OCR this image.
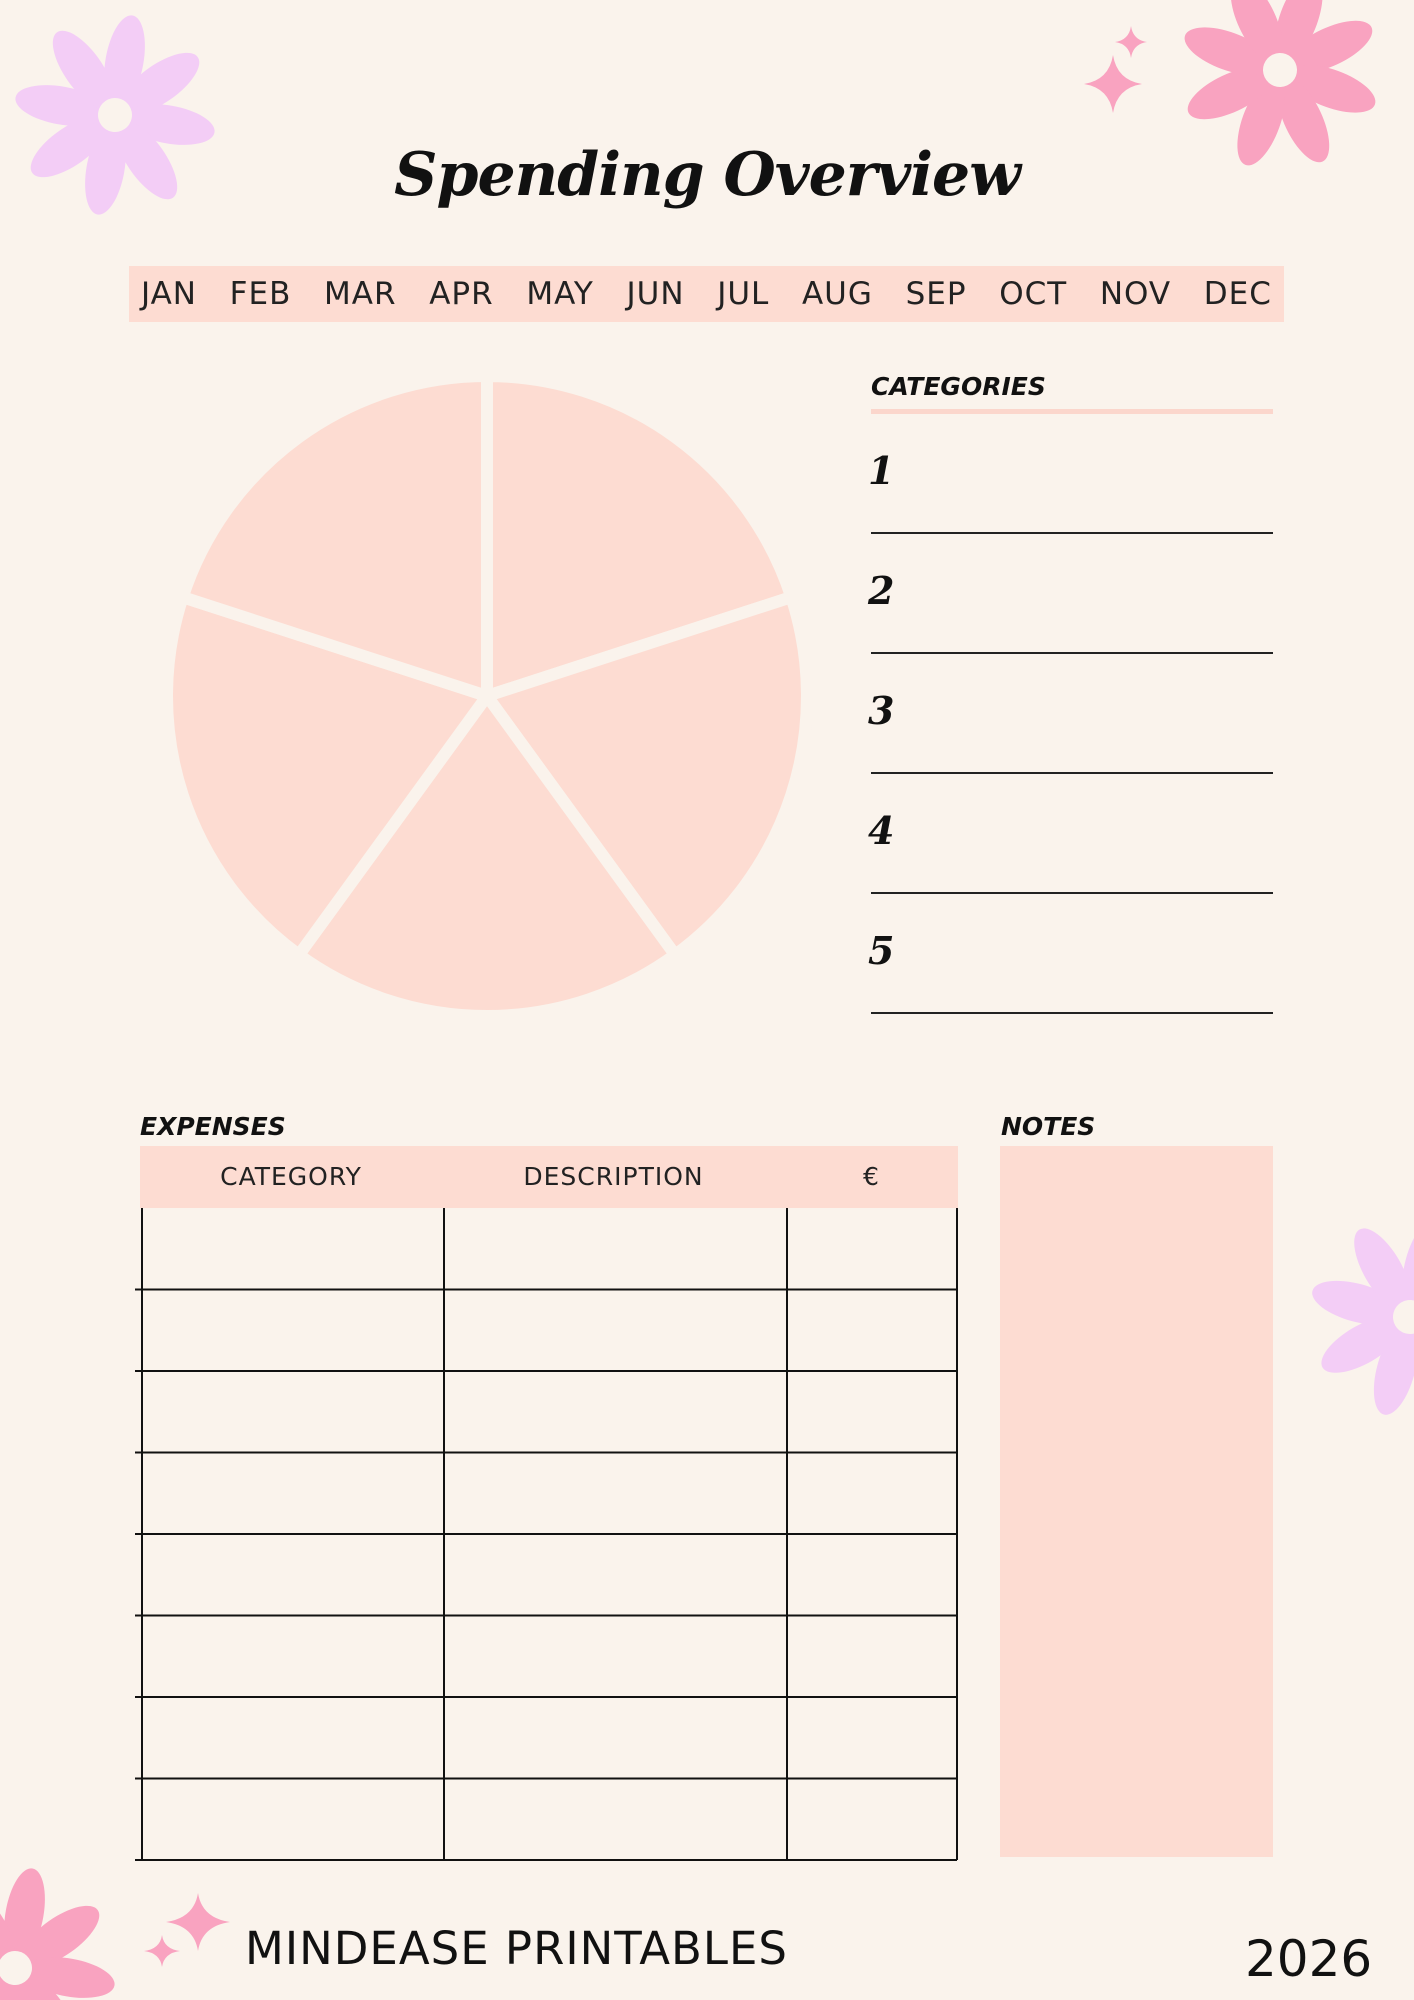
Spending Overview
JAN FEB MAR APR MAY JUN JUL AUG SEP OCT NOV DEC
CATEGORIES
1
2
3
4
5
EXPENSES	NOTES
CATEGORY	DESCRIPTION	€
MINDEASE PRINTABLES	2026
